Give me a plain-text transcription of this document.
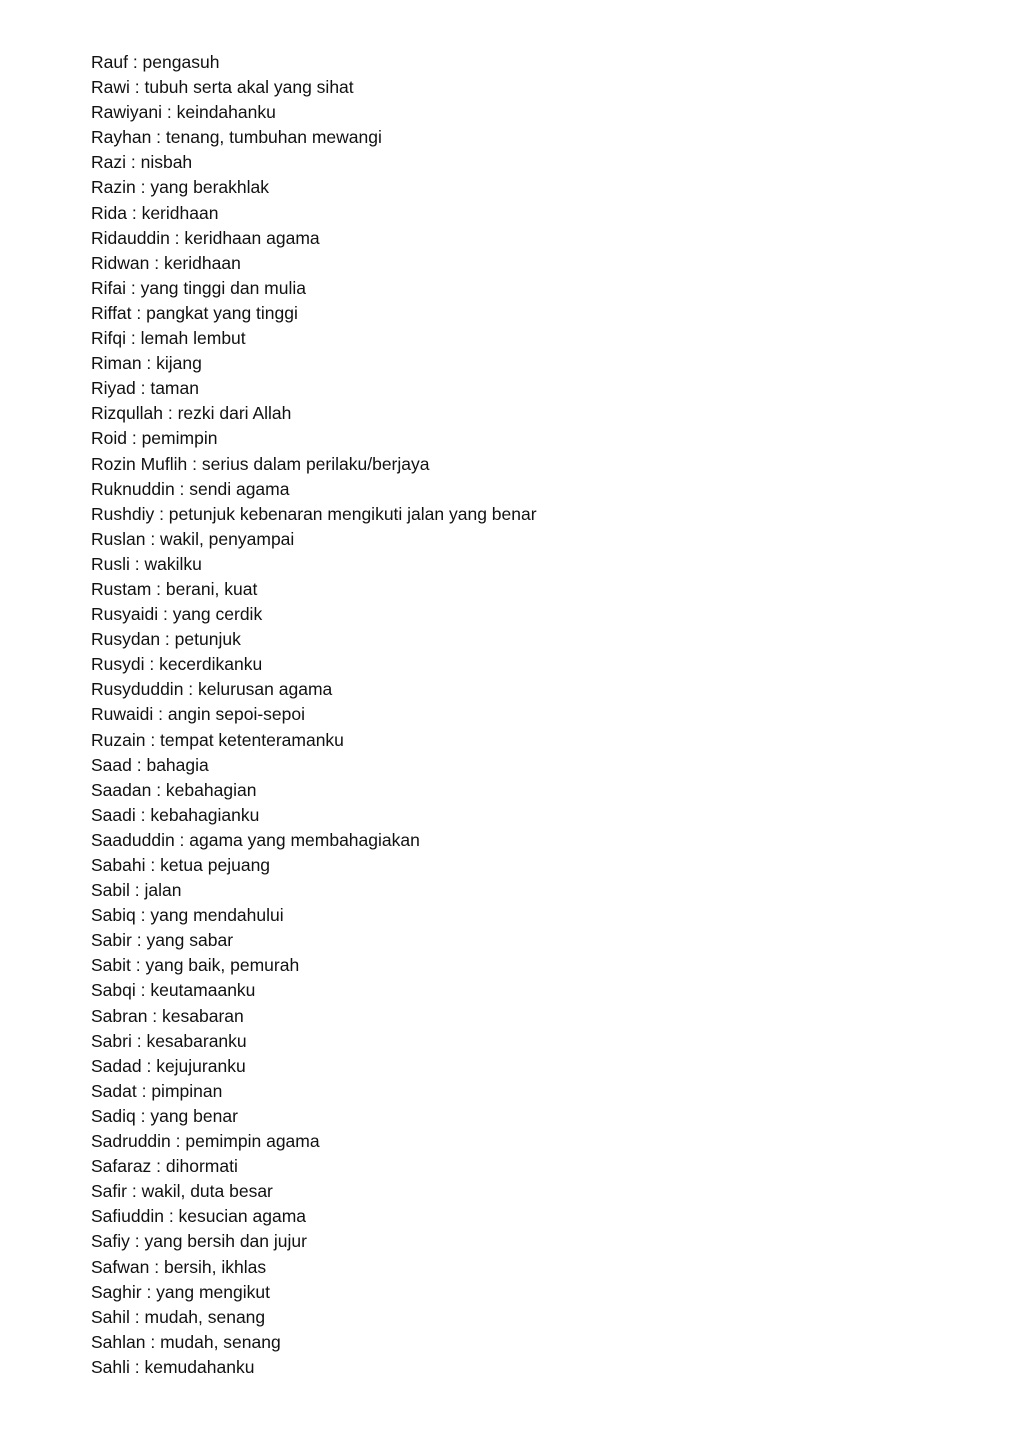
Rauf : pengasuh
Rawi : tubuh serta akal yang sihat
Rawiyani : keindahanku
Rayhan : tenang, tumbuhan mewangi
Razi : nisbah
Razin : yang berakhlak
Rida : keridhaan
Ridauddin : keridhaan agama
Ridwan : keridhaan
Rifai : yang tinggi dan mulia
Riffat : pangkat yang tinggi
Rifqi : lemah lembut
Riman : kijang
Riyad : taman
Rizqullah : rezki dari Allah
Roid : pemimpin
Rozin Muflih : serius dalam perilaku/berjaya
Ruknuddin : sendi agama
Rushdiy : petunjuk kebenaran mengikuti jalan yang benar
Ruslan : wakil, penyampai
Rusli : wakilku
Rustam : berani, kuat
Rusyaidi : yang cerdik
Rusydan : petunjuk
Rusydi : kecerdikanku
Rusyduddin : kelurusan agama
Ruwaidi : angin sepoi-sepoi
Ruzain : tempat ketenteramanku
Saad : bahagia
Saadan : kebahagian
Saadi : kebahagianku
Saaduddin : agama yang membahagiakan
Sabahi : ketua pejuang
Sabil : jalan
Sabiq : yang mendahului
Sabir : yang sabar
Sabit : yang baik, pemurah
Sabqi : keutamaanku
Sabran : kesabaran
Sabri : kesabaranku
Sadad : kejujuranku
Sadat : pimpinan
Sadiq : yang benar
Sadruddin : pemimpin agama
Safaraz : dihormati
Safir : wakil, duta besar
Safiuddin : kesucian agama
Safiy : yang bersih dan jujur
Safwan : bersih, ikhlas
Saghir : yang mengikut
Sahil : mudah, senang
Sahlan : mudah, senang
Sahli : kemudahanku
